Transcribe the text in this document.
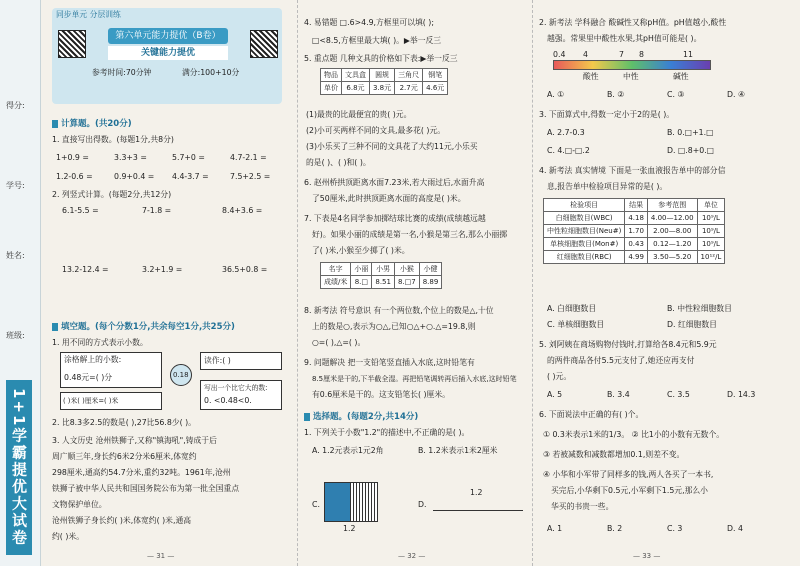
得分:
学号:
姓名:
班级:
1+1学霸提优大试卷
同步单元 分层训练
第六单元能力提优（B卷）
关键能力提优
参考时间:70分钟	满分:100+10分
计算题。(共20分)
1. 直接写出得数。(每题1分,共8分)
1+0.9 =	3.3+3 =	5.7+0 =	4.7-2.1 =
1.2-0.6 =	0.9+0.4 = 4.4-3.7 =	7.5+2.5 =
2. 列竖式计算。(每题2分,共12分)
6.1-5.5 =	7-1.8 =	8.4+3.6 =
13.2-12.4 =	3.2+1.9 =	36.5+0.8 =
填空题。(每个分数1分,共余每空1分,共25分)
1. 用不同的方式表示小数。
涂格解上的小数:
0.48元=( )分	0.18
读作:( )
( )米( )厘米=( )米
写出一个比它大的数:
0. <0.48<0.
2. 比8.3多2.5的数是( ),27比56.8少( )。
3. 人文历史 沧州铁狮子,又称"镇海吼",铸成于后
周广顺三年,身长约6米2分米6厘米,体宽约
298厘米,通高约54.7分米,重约32吨。1961年,沧州
铁狮子被中华人民共和国国务院公布为第一批全国重点
文物保护单位。
沧州铁狮子身长约( )米,体宽约( )米,通高
约( )米。
— 31 —
4. 易错题 □.6>4.9,方框里可以填( );
□<8.5,方框里最大填( )。▶举一反三
5. 重点题 几种文具的价格如下表:▶举一反三
物品	文具盒	圆规	三角尺	钢笔
单价	6.8元	3.8元	2.7元	4.6元
(1)最贵的比最便宜的贵( )元。
(2)小可买两样不同的文具,最多花( )元。
(3)小乐买了三种不同的文具花了大约11元,小乐买
的是( )、( )和( )。
6. 赵州桥拱顶距离水面7.23米,若大雨过后,水面升高
了50厘米,此时拱顶距离水面的高度是( )米。
7. 下表是4名同学参加掷结球比赛的成绩(成绩越远越
好)。如果小丽的成绩是第一名,小猴是第三名,那么小丽掷
了( )米,小猴至少掷了( )米。
名字	小丽	小男	小猴	小健
成绩/米	8.□	8.51	8.□7	8.89
8. 新考法 符号意识 有一个两位数,个位上的数是△,十位
上的数是○,表示为○△,已知○△+○.△=19.8,则
○=( ),△=( )。
9. 问题解决 把一支铅笔竖直插入水底,这时铅笔有
8.5厘米是干的,下半截全湿。再把铅笔调转再后插入水底,这时铅笔
有0.6厘米是干的。这支铅笔长( )厘米。
选择题。(每题2分,共14分)
1. 下列关于小数"1.2"的描述中,不正确的是( )。
A. 1.2元表示1元2角	B. 1.2米表示1米2厘米
C.
1.2
D.
1.2
— 32 —
2. 新考法 学科融合 酸碱性又称pH值。pH值越小,酸性
越强。常果里中酸性水果,其pH值可能是( )。
0.4 4	7 8	11
酸性	中性	碱性
A. ①	B. ②	C. ③	D. ④
3. 下面算式中,得数一定小于2的是( )。
A. 2.7-0.3	B. 0.□+1.□
C. 4.□-□.2	D. □.8+0.□
4. 新考法 真实情境 下面是一张血液报告单中的部分信
息,报告单中检验项目异常的是( )。
检验项目	结果	参考范围	单位
白细胞数目(WBC)	4.18	4.00—12.00	10⁹/L
中性粒细胞数目(Neu#)	1.70	2.00—8.00	10⁹/L
单核细胞数目(Mon#)	0.43	0.12—1.20	10⁹/L
红细胞数目(RBC)	4.99	3.50—5.20	10¹²/L
A. 白细胞数目	B. 中性粒细胞数目
C. 单核细胞数目	D. 红细胞数目
5. 刘阿姨在商场购物付钱时,打算给各8.4元和5.9元
的两件商品各付5.5元支付了,她还应再支付
( )元。
A. 5	B. 3.4	C. 3.5	D. 14.3
6. 下面说法中正确的有( )个。
① 0.3米表示1米的1/3。 ② 比1小的小数有无数个。
③ 若被减数和减数都增加0.1,则差不变。
④ 小华和小军带了同样多的钱,两人各买了一本书,
买完后,小华剩下0.5元,小军剩下1.5元,那么小
华买的书贵一些。
A. 1	B. 2	C. 3	D. 4
— 33 —
